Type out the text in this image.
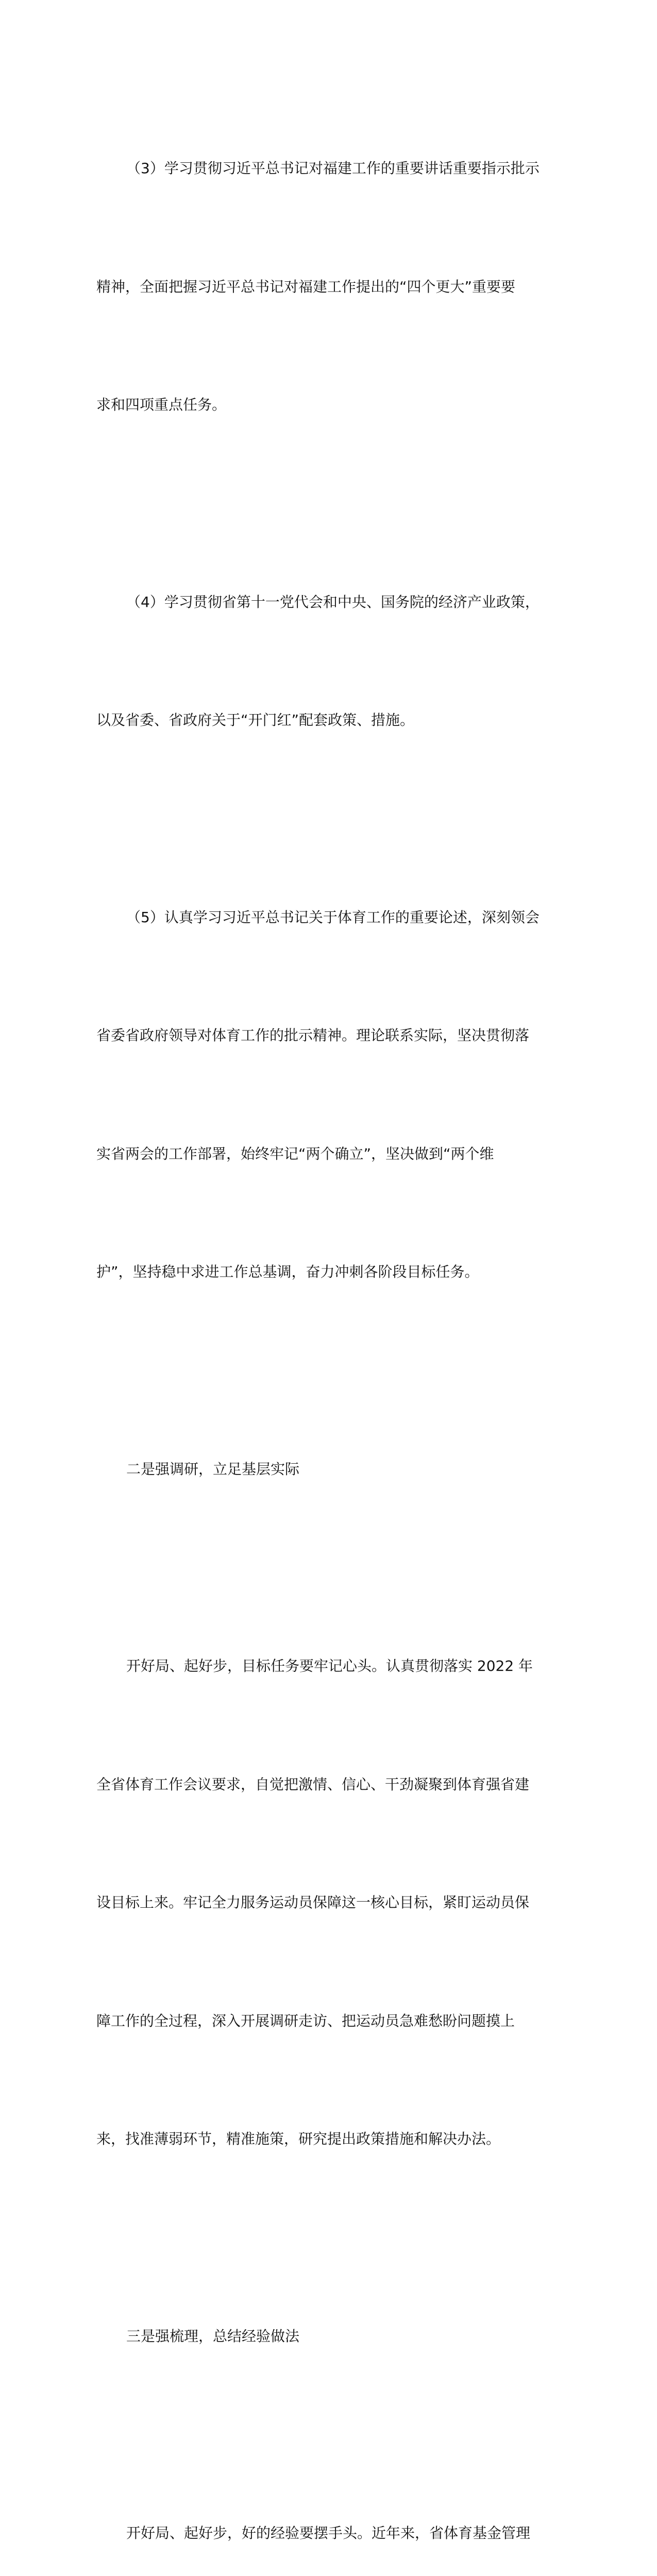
（3）学习贯彻习近平总书记对福建工作的重要讲话重要指示批示

精神，全面把握习近平总书记对福建工作提出的“四个更大”重要要

求和四项重点任务。

（4）学习贯彻省第十一党代会和中央、国务院的经济产业政策，

以及省委、省政府关于“开门红”配套政策、措施。

（5）认真学习习近平总书记关于体育工作的重要论述，深刻领会

省委省政府领导对体育工作的批示精神。理论联系实际，坚决贯彻落

实省两会的工作部署，始终牢记“两个确立”，坚决做到“两个维

护”，坚持稳中求进工作总基调，奋力冲刺各阶段目标任务。

二是强调研，立足基层实际

开好局、起好步，目标任务要牢记心头。认真贯彻落实 2022 年

全省体育工作会议要求，自觉把激情、信心、干劲凝聚到体育强省建

设目标上来。牢记全力服务运动员保障这一核心目标，紧盯运动员保

障工作的全过程，深入开展调研走访、把运动员急难愁盼问题摸上

来，找准薄弱环节，精准施策，研究提出政策措施和解决办法。

三是强梳理，总结经验做法

开好局、起好步，好的经验要摆手头。近年来，省体育基金管理
